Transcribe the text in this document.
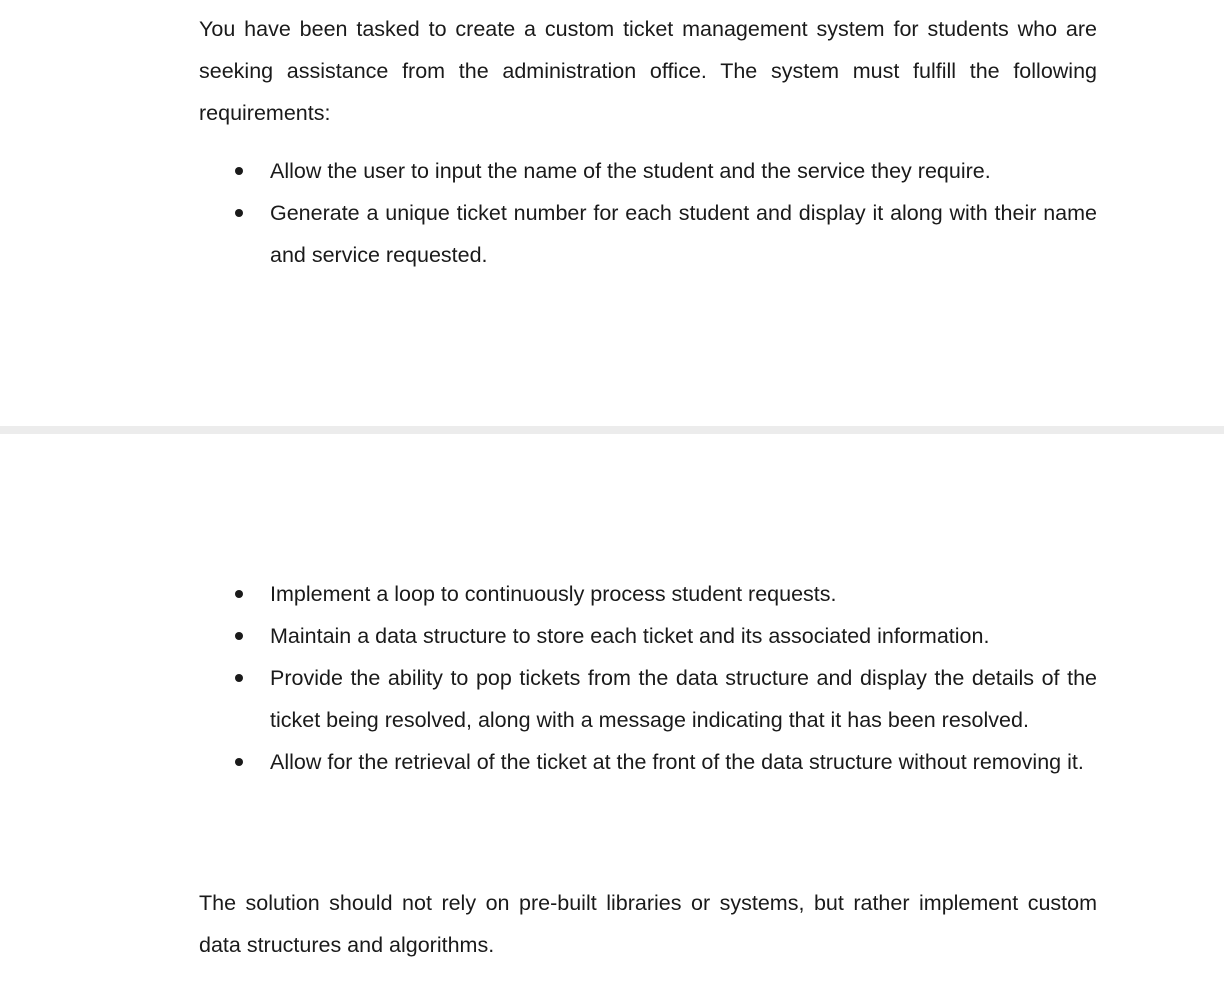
You have been tasked to create a custom ticket management system for students who are seeking assistance from the administration office. The system must fulfill the following requirements:

Allow the user to input the name of the student and the service they require.
Generate a unique ticket number for each student and display it along with their name and service requested.
Implement a loop to continuously process student requests.
Maintain a data structure to store each ticket and its associated information.
Provide the ability to pop tickets from the data structure and display the details of the ticket being resolved, along with a message indicating that it has been resolved.
Allow for the retrieval of the ticket at the front of the data structure without removing it.

The solution should not rely on pre-built libraries or systems, but rather implement custom data structures and algorithms.
